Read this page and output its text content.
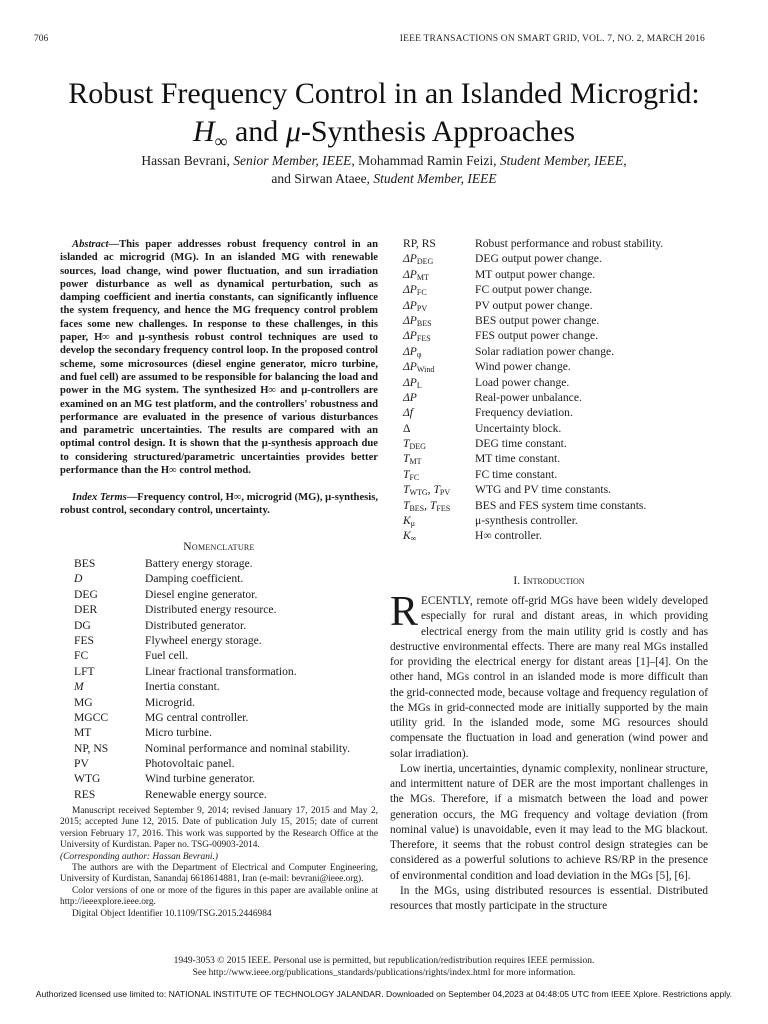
706	IEEE TRANSACTIONS ON SMART GRID, VOL. 7, NO. 2, MARCH 2016
Robust Frequency Control in an Islanded Microgrid:
$H_\infty$ and μ-Synthesis Approaches
Hassan Bevrani, Senior Member, IEEE, Mohammad Ramin Feizi, Student Member, IEEE,
and Sirwan Ataee, Student Member, IEEE
Abstract—This paper addresses robust frequency control in an islanded ac microgrid (MG). In an islanded MG with renewable sources, load change, wind power fluctuation, and sun irradiation power disturbance as well as dynamical perturbation, such as damping coefficient and inertia constants, can significantly influence the system frequency, and hence the MG frequency control problem faces some new challenges. In response to these challenges, in this paper, H∞ and μ-synthesis robust control techniques are used to develop the secondary frequency control loop. In the proposed control scheme, some microsources (diesel engine generator, micro turbine, and fuel cell) are assumed to be responsible for balancing the load and power in the MG system. The synthesized H∞ and μ-controllers are examined on an MG test platform, and the controllers' robustness and performance are evaluated in the presence of various disturbances and parametric uncertainties. The results are compared with an optimal control design. It is shown that the μ-synthesis approach due to considering structured/parametric uncertainties provides better performance than the H∞ control method.
Index Terms—Frequency control, H∞, microgrid (MG), μ-synthesis, robust control, secondary control, uncertainty.
Nomenclature
BES	Battery energy storage.
D	Damping coefficient.
DEG	Diesel engine generator.
DER	Distributed energy resource.
DG	Distributed generator.
FES	Flywheel energy storage.
FC	Fuel cell.
LFT	Linear fractional transformation.
M	Inertia constant.
MG	Microgrid.
MGCC	MG central controller.
MT	Micro turbine.
NP, NS	Nominal performance and nominal stability.
PV	Photovoltaic panel.
WTG	Wind turbine generator.
RES	Renewable energy source.
RP, RS	Robust performance and robust stability.
$\Delta P_{DEG}$	DEG output power change.
$\Delta P_{MT}$	MT output power change.
$\Delta P_{FC}$	FC output power change.
$\Delta P_{PV}$	PV output power change.
$\Delta P_{BES}$	BES output power change.
$\Delta P_{FES}$	FES output power change.
$\Delta P_\varphi$	Solar radiation power change.
$\Delta P_{Wind}$	Wind power change.
$\Delta P_L$	Load power change.
ΔP	Real-power unbalance.
Δf	Frequency deviation.
Δ	Uncertainty block.
$T_{DEG}$	DEG time constant.
$T_{MT}$	MT time constant.
$T_{FC}$	FC time constant.
$T_{WTG}$, $T_{PV}$	WTG and PV time constants.
$T_{BES}$, $T_{FES}$	BES and FES system time constants.
$K_\mu$	μ-synthesis controller.
$K_\infty$	H∞ controller.

Manuscript received September 9, 2014; revised January 17, 2015 and May 2, 2015; accepted June 12, 2015. Date of publication July 15, 2015; date of current version February 17, 2016. This work was supported by the Research Office at the University of Kurdistan. Paper no. TSG-00903-2014.

(Corresponding author: Hassan Bevrani.)

The authors are with the Department of Electrical and Computer Engineering, University of Kurdistan, Sanandaj 6618614881, Iran (e-mail: bevrani@ieee.org).

Color versions of one or more of the figures in this paper are available online at http://ieeexplore.ieee.org.

Digital Object Identifier 10.1109/TSG.2015.2446984

I. Introduction

RECENTLY, remote off-grid MGs have been widely developed especially for rural and distant areas, in which providing electrical energy from the main utility grid is costly and has destructive environmental effects. There are many real MGs installed for providing the electrical energy for distant areas [1]–[4]. On the other hand, MGs control in an islanded mode is more difficult than the grid-connected mode, because voltage and frequency regulation of the MGs in grid-connected mode are initially supported by the main utility grid. In the islanded mode, some MG resources should compensate the fluctuation in load and generation (wind power and solar irradiation).

Low inertia, uncertainties, dynamic complexity, nonlinear structure, and intermittent nature of DER are the most important challenges in the MGs. Therefore, if a mismatch between the load and power generation occurs, the MG frequency and voltage deviation (from nominal value) is unavoidable, even it may lead to the MG blackout. Therefore, it seems that the robust control design strategies can be considered as a powerful solutions to achieve RS/RP in the presence of environmental condition and load deviation in the MGs [5], [6].

In the MGs, using distributed resources is essential. Distributed resources that mostly participate in the structure

1949-3053 © 2015 IEEE. Personal use is permitted, but republication/redistribution requires IEEE permission.
See http://www.ieee.org/publications_standards/publications/rights/index.html for more information.
Authorized licensed use limited to: NATIONAL INSTITUTE OF TECHNOLOGY JALANDAR. Downloaded on September 04,2023 at 04:48:05 UTC from IEEE Xplore. Restrictions apply.
